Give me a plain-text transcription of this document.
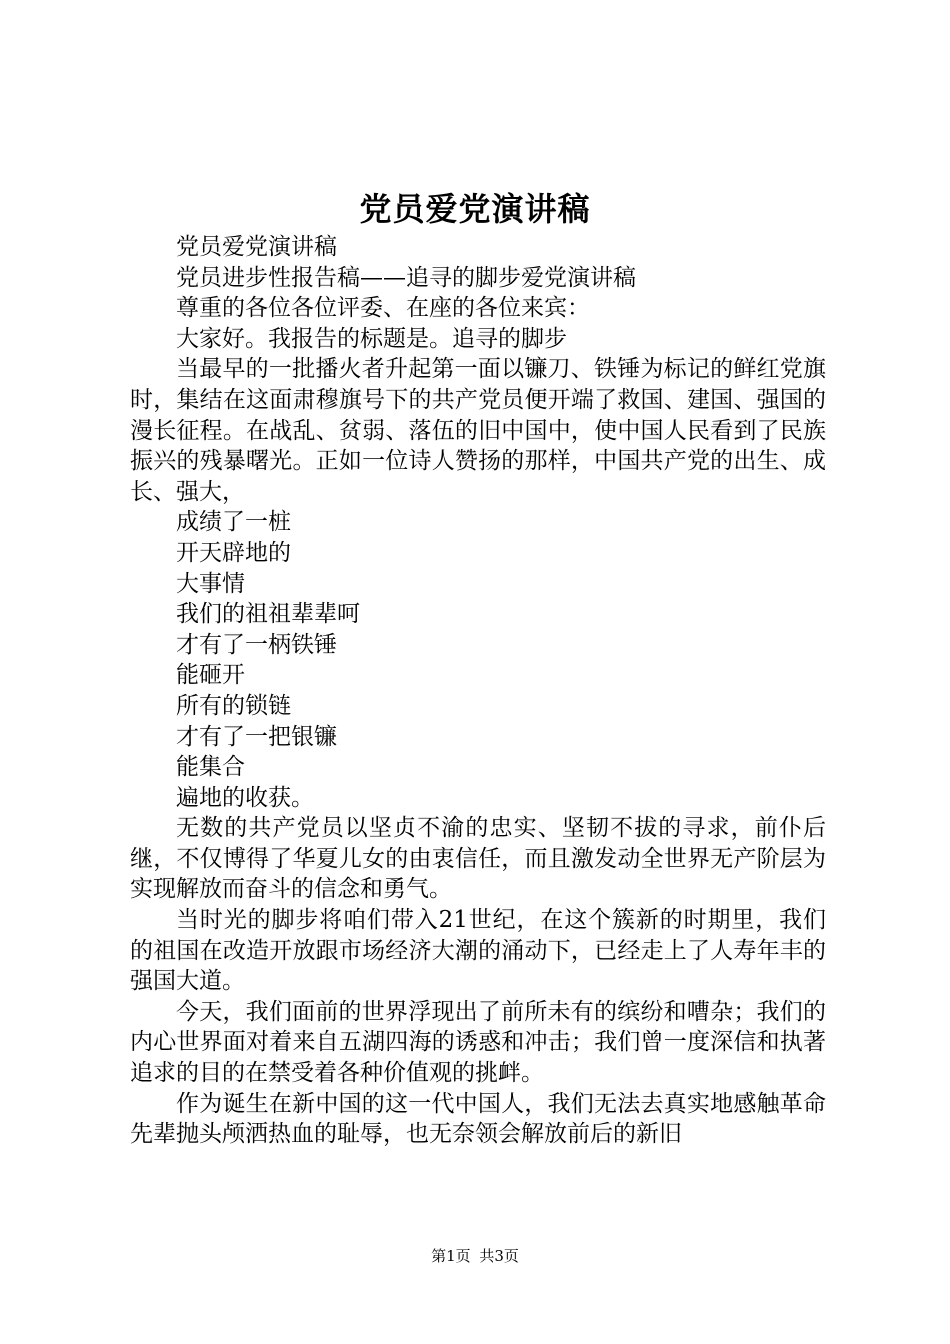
党员爱党演讲稿

党员爱党演讲稿

党员进步性报告稿——追寻的脚步爱党演讲稿

尊重的各位各位评委、在座的各位来宾：

大家好。我报告的标题是。追寻的脚步

当最早的一批播火者升起第一面以镰刀、铁锤为标记的鲜红党旗时，集结在这面肃穆旗号下的共产党员便开端了救国、建国、强国的漫长征程。在战乱、贫弱、落伍的旧中国中，使中国人民看到了民族振兴的残暴曙光。正如一位诗人赞扬的那样，中国共产党的出生、成长、强大，

成绩了一桩

开天辟地的

大事情

我们的祖祖辈辈呵

才有了一柄铁锤

能砸开

所有的锁链

才有了一把银镰

能集合

遍地的收获。

无数的共产党员以坚贞不渝的忠实、坚韧不拔的寻求，前仆后继，不仅博得了华夏儿女的由衷信任，而且激发动全世界无产阶层为实现解放而奋斗的信念和勇气。

当时光的脚步将咱们带入21世纪，在这个簇新的时期里，我们的祖国在改造开放跟市场经济大潮的涌动下，已经走上了人寿年丰的强国大道。

今天，我们面前的世界浮现出了前所未有的缤纷和嘈杂；我们的内心世界面对着来自五湖四海的诱惑和冲击；我们曾一度深信和执著追求的目的在禁受着各种价值观的挑衅。

作为诞生在新中国的这一代中国人，我们无法去真实地感触革命先辈抛头颅洒热血的耻辱，也无奈领会解放前后的新旧

第1页 共3页
